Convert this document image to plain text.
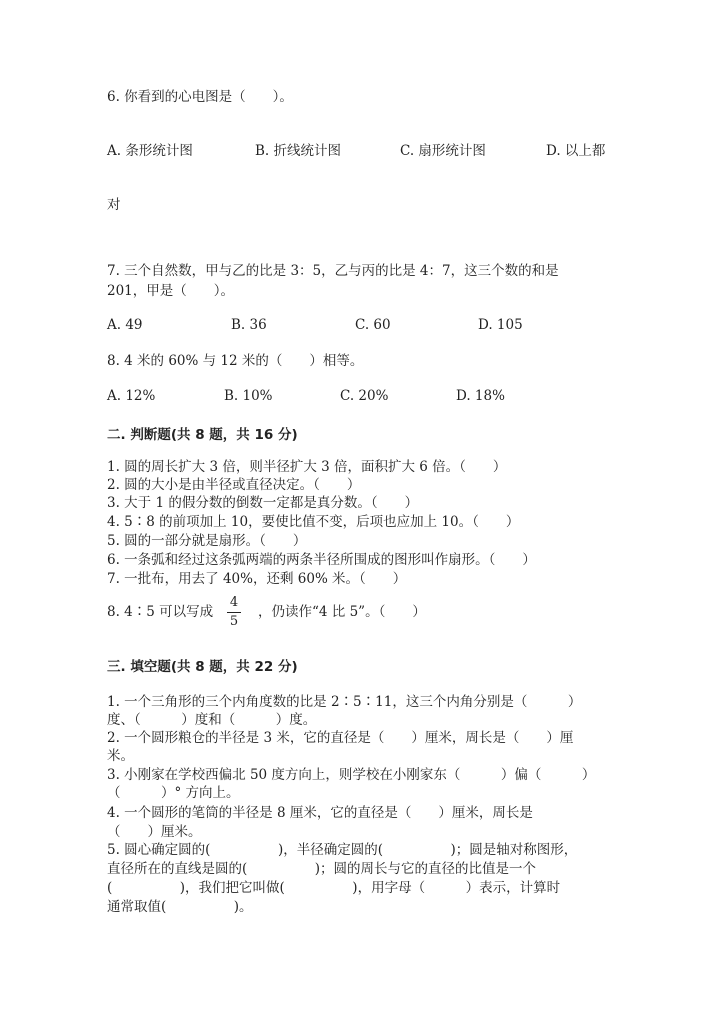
6. 你看到的心电图是（　　）。
A. 条形统计图	B. 折线统计图	C. 扇形统计图	D. 以上都
对
7. 三个自然数，甲与乙的比是 3：5，乙与丙的比是 4：7，这三个数的和是
201，甲是（　　）。
A. 49	B. 36	C. 60	D. 105
8. 4 米的 60% 与 12 米的（　　）相等。
A. 12%	B. 10%	C. 20%	D. 18%
二. 判断题(共 8 题，共 16 分)
1. 圆的周长扩大 3 倍，则半径扩大 3 倍，面积扩大 6 倍。（　　）
2. 圆的大小是由半径或直径决定。（　　）
3. 大于 1 的假分数的倒数一定都是真分数。（　　）
4. 5∶8 的前项加上 10，要使比值不变，后项也应加上 10。（　　）
5. 圆的一部分就是扇形。（　　）
6. 一条弧和经过这条弧两端的两条半径所围成的图形叫作扇形。（　　）
7. 一批布，用去了 40%，还剩 60% 米。（　　）
8. 4∶5 可以写成
4
5
，仍读作“4 比 5”。（　　）
三. 填空题(共 8 题，共 22 分)
1. 一个三角形的三个内角度数的比是 2∶5∶11，这三个内角分别是（　　　）
度、（　　　）度和（　　　）度。
2. 一个圆形粮仓的半径是 3 米，它的直径是（　　）厘米，周长是（　　）厘
米。
3. 小刚家在学校西偏北 50 度方向上，则学校在小刚家东（　　　）偏（　　　）
（　　　）° 方向上。
4. 一个圆形的笔筒的半径是 8 厘米，它的直径是（　　）厘米，周长是
（　　）厘米。
5. 圆心确定圆的(　　　　　)，半径确定圆的(　　　　　)；圆是轴对称图形，
直径所在的直线是圆的(　　　　　)；圆的周长与它的直径的比值是一个
(　　　　　)，我们把它叫做(　　　　　)，用字母（　　　）表示，计算时
通常取值(　　　　　)。
